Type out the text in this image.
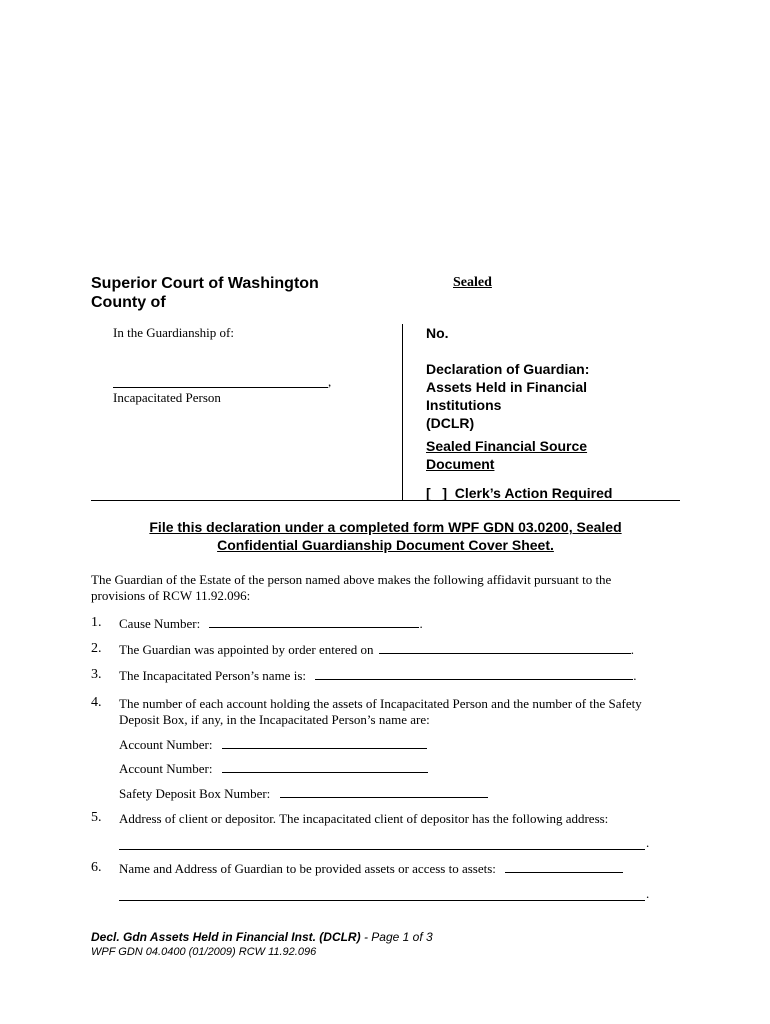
Superior Court of Washington
County of
Sealed
In the Guardianship of:
,
Incapacitated Person
No.
Declaration of Guardian:
Assets Held in Financial
Institutions
(DCLR)
Sealed Financial Source
Document
[   ]  Clerk’s Action Required
File this declaration under a completed form WPF GDN 03.0200, Sealed
Confidential Guardianship Document Cover Sheet.
The Guardian of the Estate of the person named above makes the following affidavit pursuant to the
provisions of RCW 11.92.096:
1. Cause Number:	.
2. The Guardian was appointed by order entered on	.
3. The Incapacitated Person’s name is:	.
4. The number of each account holding the assets of Incapacitated Person and the number of the Safety
Deposit Box, if any, in the Incapacitated Person’s name are:
Account Number:
Account Number:
Safety Deposit Box Number:
5. Address of client or depositor. The incapacitated client of depositor has the following address:
.
6. Name and Address of Guardian to be provided assets or access to assets:
.
Decl. Gdn Assets Held in Financial Inst. (DCLR) - Page 1 of 3
WPF GDN 04.0400 (01/2009) RCW 11.92.096
